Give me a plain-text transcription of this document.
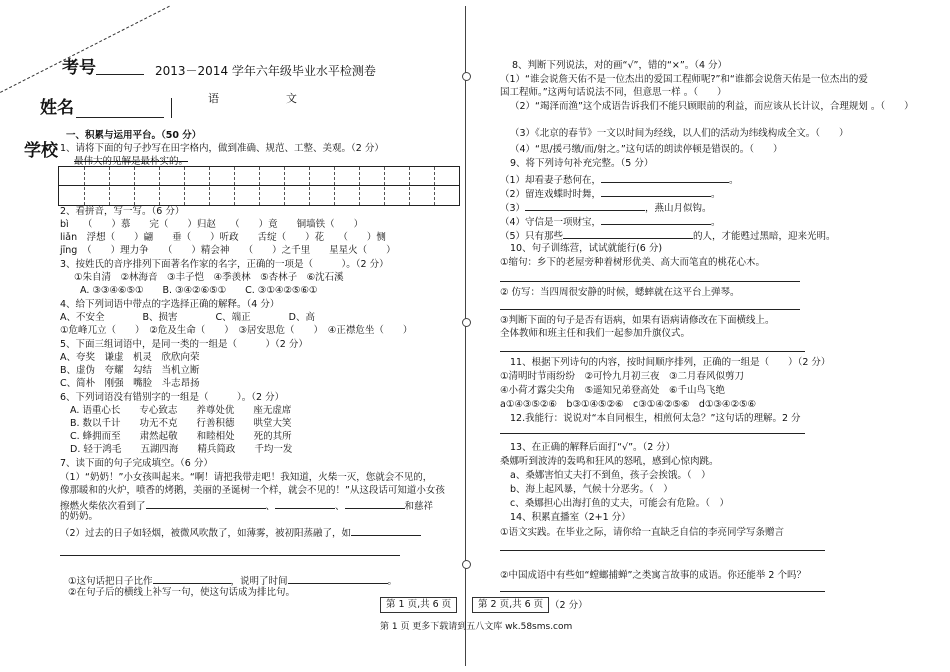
考号
姓名
学校
2013－2014 学年六年级毕业水平检测卷
语	文
一、积累与运用平台。（50 分）
1、请将下面的句子抄写在田字格内，做到准确、规范、工整、美观。（2 分）
最伟大的见解是最朴实的。
2、看拼音，写一写。（6 分）
bì　　（　　）慕　　完（　　）归赵　　（　　）竟　　铜墙铁（　　）
liǎn　浮想（　　）翩　　垂（　　）听政　　舌绽（　　）花　　（　　）恻
jīng　（　　）理力争　　（　　）精会神　　（　　）之千里　　星星火（　　）
3、按姓氏的音序排列下面著名作家的名字，正确的一项是（　　　）。（2 分）
①朱自清　②林海音　③丰子恺　④季羡林　⑤杏林子　⑥沈石溪
A. ③③④⑥⑤①　　B. ③④②⑥⑤①　　C. ③①④②⑤⑥①
4、给下列词语中带点的字选择正确的解释。（4 分）
A、不安全　　　　B、损害　　　　C、端正　　　　D、高
①危峰兀立（　　）　②危及生命（　　）　③居安思危（　　）　④正襟危坐（　　）
5、下面三组词语中，是同一类的一组是（　　　）（2 分）
A、夸奖　谦虚　机灵　欣欣向荣
B、虚伪　夸耀　勾结　当机立断
C、简朴　刚强　嘴脸　斗志昂扬
6、下列词语没有错别字的一组是（　　　）。（2 分）
A. 语重心长　　专心致志　　养尊处优　　座无虚席
B. 数以千计　　功无不克　　行善积德　　哄堂大笑
C. 蜂拥而至　　肃然起敬　　和睦相处　　死的其所
D. 轻于鸿毛　　五湖四海　　精兵简政　　千均一发
7、读下面的句子完成填空。（6 分）
（1）“奶奶！”小女孩叫起来。“啊！请把我带走吧！我知道，火柴一灭，您就会不见的，
像那暖和的火炉，喷香的烤鹅，美丽的圣诞树一个样，就会不见的！”从这段话可知道小女孩
擦燃火柴依次看到了	、	、	和慈祥
的奶奶。
（2）过去的日子如轻烟，被微风吹散了，如薄雾，被初阳蒸融了，如
①这句话把日子比作	，说明了时间	。
②在句子后的横线上补写一句，使这句话成为排比句。
第 1 页,共 6 页
8、判断下列说法，对的画“√”，错的“×”。（4 分）
（1）“谁会说詹天佑不是一位杰出的爱国工程师呢?”和“谁都会说詹天佑是一位杰出的爱
国工程师。”这两句话说法不同，但意思一样 。（　　）
（2）“竭泽而渔”这个成语告诉我们不能只顾眼前的利益，而应该从长计议，合理规划 。（　　）
（3）《北京的春节》一文以时间为经线，以人们的活动为纬线构成全文。（　　）
（4）“思/援弓缴/而/射之。”这句话的朗读停顿是错误的。（　　）
9、将下列诗句补充完整。（5 分）
（1）却看妻子愁何在，	。
（2）留连戏蝶时时舞，	。
（3）	，燕山月似钩。
（4）守信是一项财宝，	。
（5）只有那些	的人，才能甦过黑暗，迎来光明。
10、句子训练营，试试就能行(6 分)
①缩句：乡下的老屋旁种着树形优美、高大而笔直的桃花心木。
② 仿写：当四周很安静的时候，蟋蟀就在这平台上弹琴。
③判断下面的句子是否有语病，如果有语病请修改在下面横线上。
全体教师和班主任和我们一起参加升旗仪式。
11、根据下列诗句的内容，按时间顺序排列，正确的一组是（　　）（2 分）
①清明时节雨纷纷　②可怜九月初三夜　③二月春风似剪刀
④小荷才露尖尖角　⑤遥知兄弟登高处　⑥千山鸟飞绝
a①④③⑤②⑥　b③①④⑤②⑥　c③①④②⑤⑥　d①③④②⑤⑥
12.我能行：说说对“本自同根生，相煎何太急？”这句话的理解。2 分
13、在正确的解释后面打“√”。（2 分）
桑娜听到波涛的轰鸣和狂风的怒吼，感到心惊肉跳。
a、桑娜害怕丈夫打不到鱼，孩子会挨饿。（　）
b、海上起风暴，气候十分恶劣。（　）
c、桑娜担心出海打鱼的丈夫，可能会有危险。（　）
14、积累直播室（2+1 分）
①语文实践。在毕业之际，请你给一直缺乏自信的李亮同学写条赠言
②中国成语中有些如“螳螂捕蝉”之类寓言故事的成语。你还能举 2 个吗？
第 2 页,共 6 页 （2 分）
第 1 页 更多下载请到五八文库 wk.58sms.com
